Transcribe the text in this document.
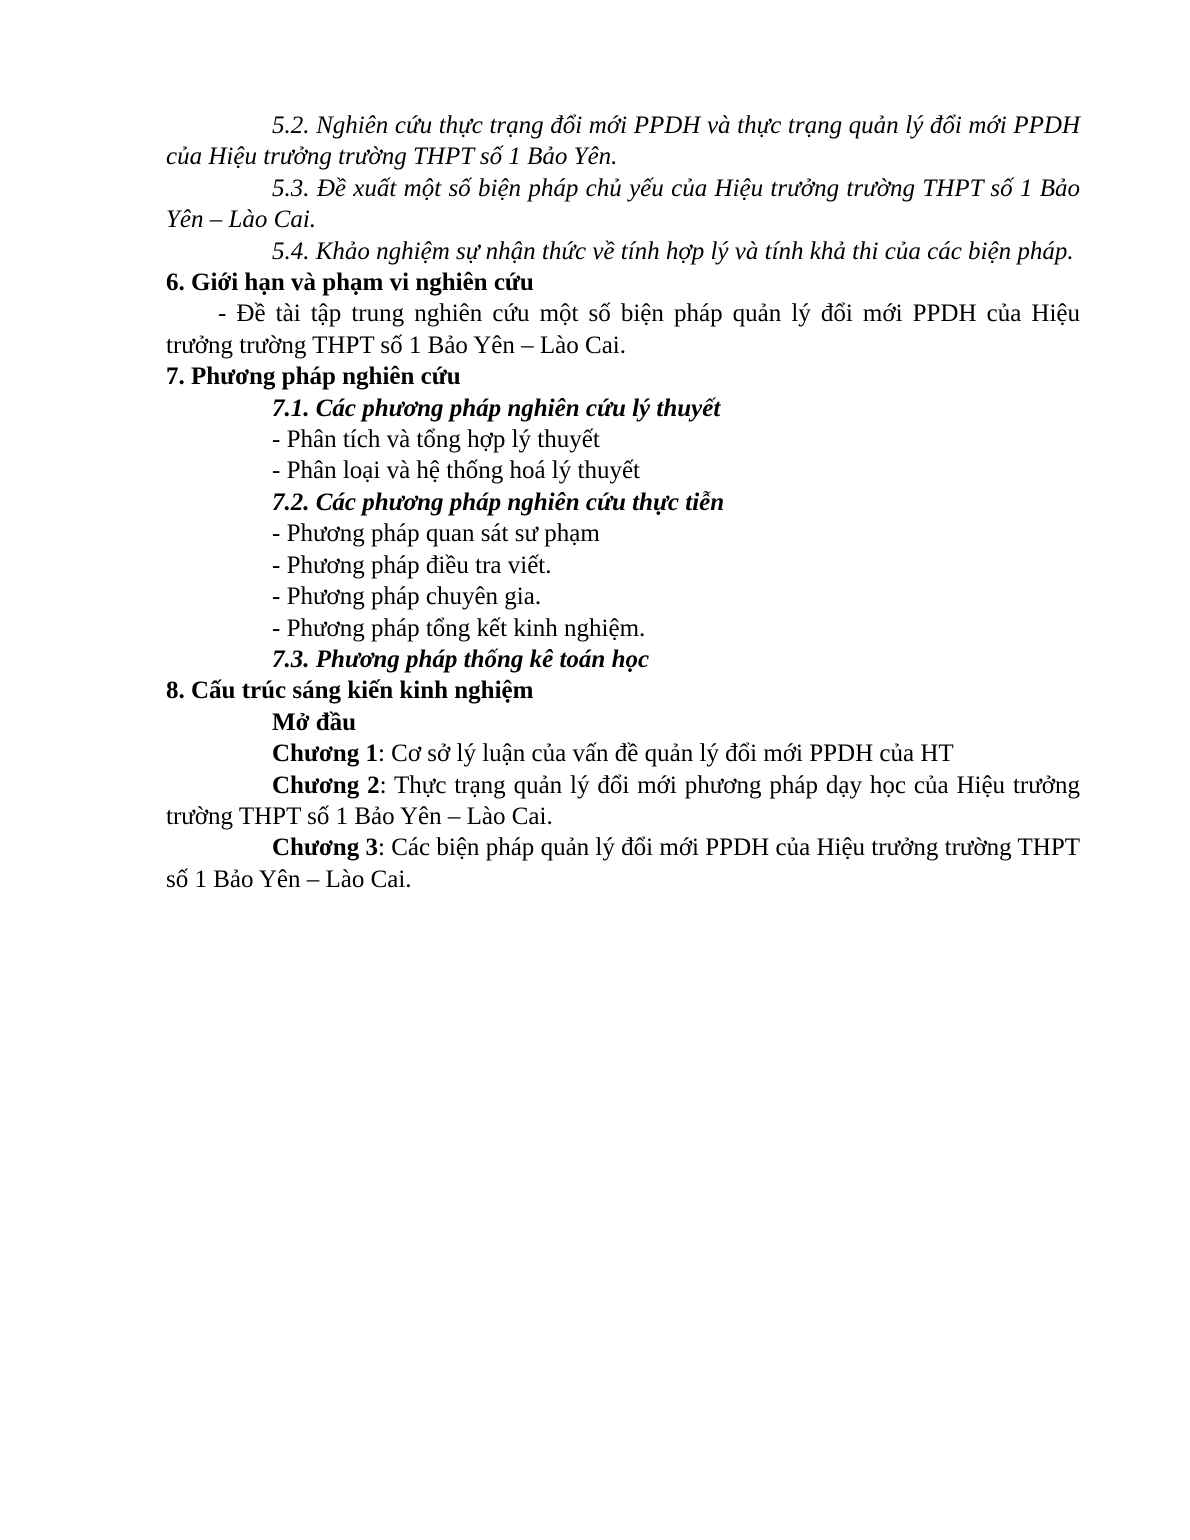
5.2. Nghiên cứu thực trạng đổi mới PPDH và thực trạng quản lý đổi mới PPDH của Hiệu trưởng trường THPT số 1 Bảo Yên.

5.3. Đề xuất một số biện pháp chủ yếu của Hiệu trưởng trường THPT số 1 Bảo Yên – Lào Cai.

5.4. Khảo nghiệm sự nhận thức về tính hợp lý và tính khả thi của các biện pháp.

6. Giới hạn và phạm vi nghiên cứu

- Đề tài tập trung nghiên cứu một số biện pháp quản lý đổi mới PPDH của Hiệu trưởng trường THPT số 1 Bảo Yên – Lào Cai.

7. Phương pháp nghiên cứu

7.1. Các phương pháp nghiên cứu lý thuyết

- Phân tích và tổng hợp lý thuyết

- Phân loại và hệ thống hoá lý thuyết

7.2. Các phương pháp nghiên cứu thực tiễn

- Phương pháp quan sát sư phạm

- Phương pháp điều tra viết.

- Phương pháp chuyên gia.

- Phương pháp tổng kết kinh nghiệm.

7.3. Phương pháp thống kê toán học

8. Cấu trúc sáng kiến kinh nghiệm

Mở đầu

Chương 1: Cơ sở lý luận của vấn đề quản lý đổi mới PPDH của HT

Chương 2: Thực trạng quản lý đổi mới phương pháp dạy học của Hiệu trưởng trường THPT số 1 Bảo Yên – Lào Cai.

Chương 3: Các biện pháp quản lý đổi mới PPDH của Hiệu trưởng trường THPT số 1 Bảo Yên – Lào Cai.
